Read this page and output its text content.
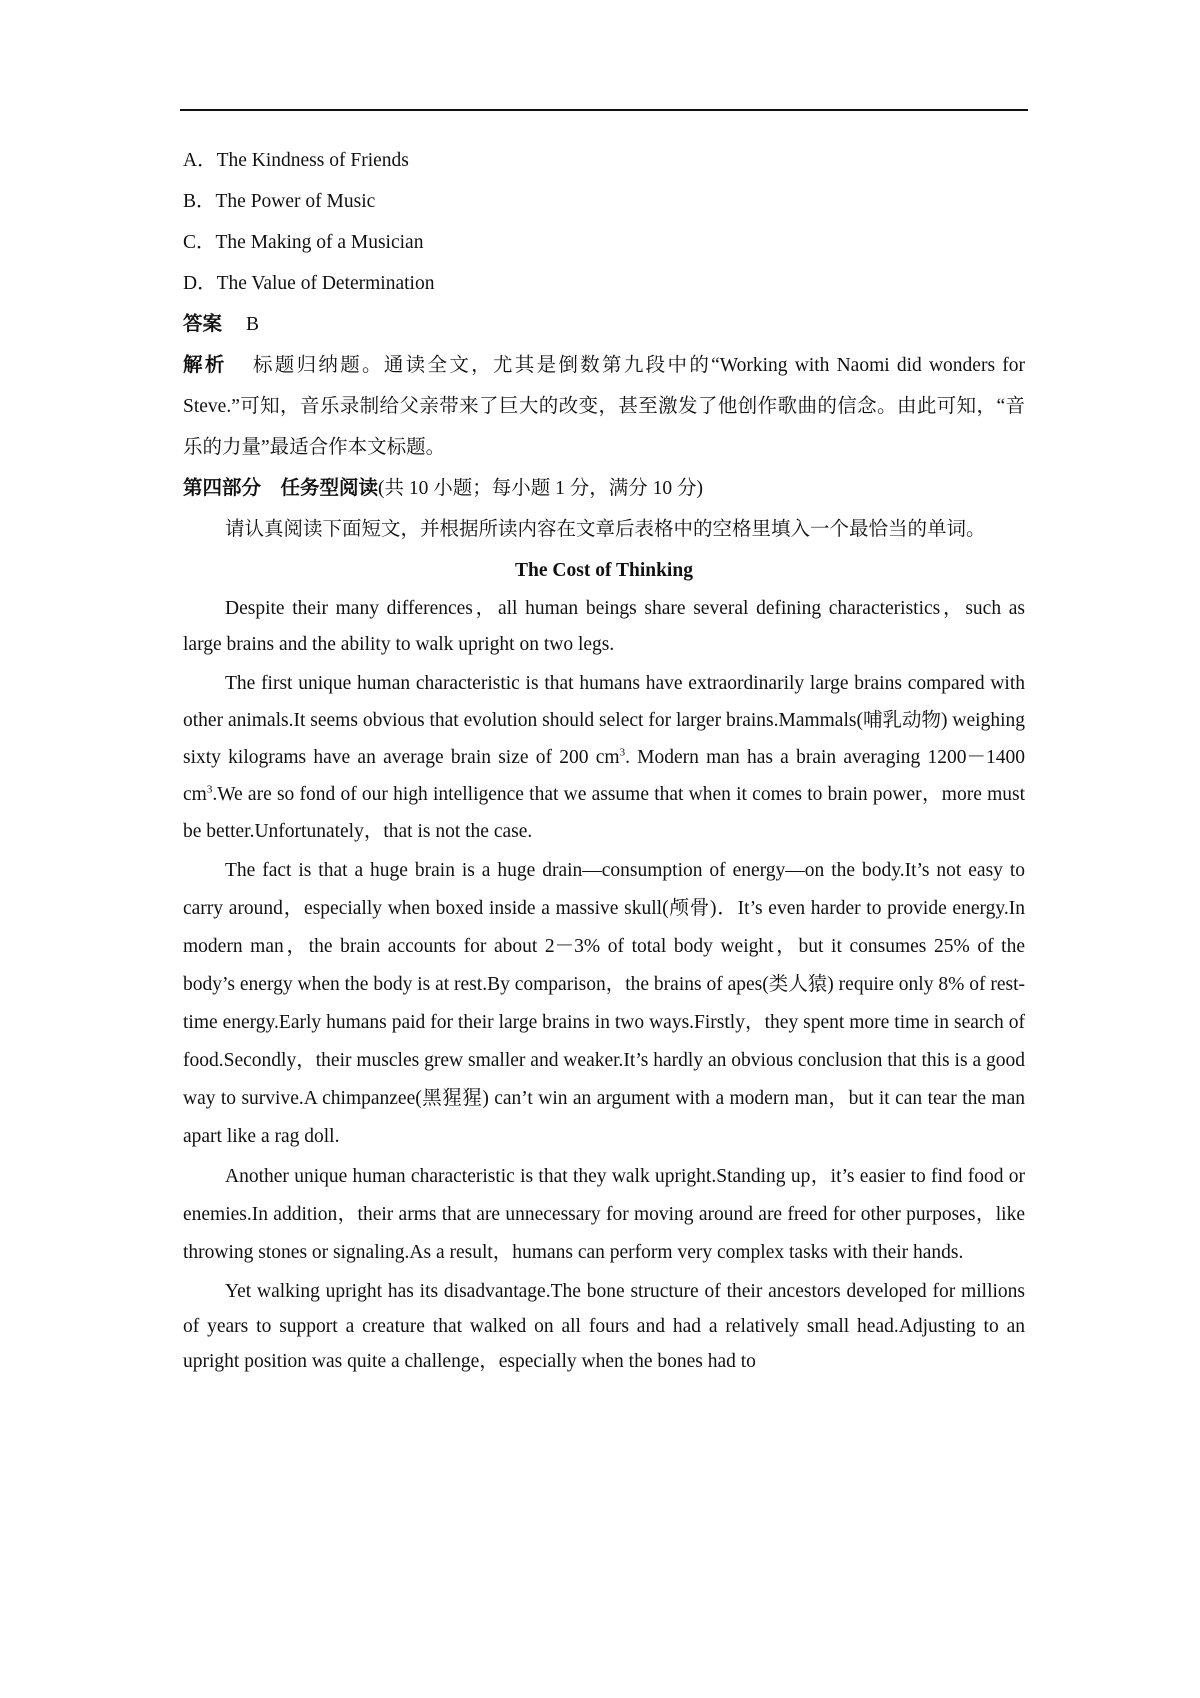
A．The Kindness of Friends
B．The Power of Music
C．The Making of a Musician
D．The Value of Determination
答案 B

解析 标题归纳题。通读全文，尤其是倒数第九段中的“Working with Naomi did wonders for Steve.”可知，音乐录制给父亲带来了巨大的改变，甚至激发了他创作歌曲的信念。由此可知，“音乐的力量”最适合作本文标题。

第四部分　任务型阅读(共 10 小题；每小题 1 分，满分 10 分)

请认真阅读下面短文，并根据所读内容在文章后表格中的空格里填入一个最恰当的单词。

The Cost of Thinking

Despite their many differences，all human beings share several defining characteristics，such as large brains and the ability to walk upright on two legs.

The first unique human characteristic is that humans have extraordinarily large brains compared with other animals.It seems obvious that evolution should select for larger brains.Mammals(哺乳动物) weighing sixty kilograms have an average brain size of 200 $cm^3$. Modern man has a brain averaging 1200－1400 $cm^3.We$ are so fond of our high intelligence that we assume that when it comes to brain power，more must be better.Unfortunately，that is not the case.

The fact is that a huge brain is a huge drain—consumption of energy—on the body.It’s not easy to carry around，especially when boxed inside a massive skull(颅骨)．It’s even harder to provide energy.In modern man，the brain accounts for about 2－3% of total body weight，but it consumes 25% of the body’s energy when the body is at rest.By comparison，the brains of apes(类人猿) require only 8% of rest-time energy.Early humans paid for their large brains in two ways.Firstly，they spent more time in search of food.Secondly，their muscles grew smaller and weaker.It’s hardly an obvious conclusion that this is a good way to survive.A chimpanzee(黑猩猩) can’t win an argument with a modern man，but it can tear the man apart like a rag doll.

Another unique human characteristic is that they walk upright.Standing up，it’s easier to find food or enemies.In addition，their arms that are unnecessary for moving around are freed for other purposes，like throwing stones or signaling.As a result，humans can perform very complex tasks with their hands.

Yet walking upright has its disadvantage.The bone structure of their ancestors developed for millions of years to support a creature that walked on all fours and had a relatively small head.Adjusting to an upright position was quite a challenge，especially when the bones had to
